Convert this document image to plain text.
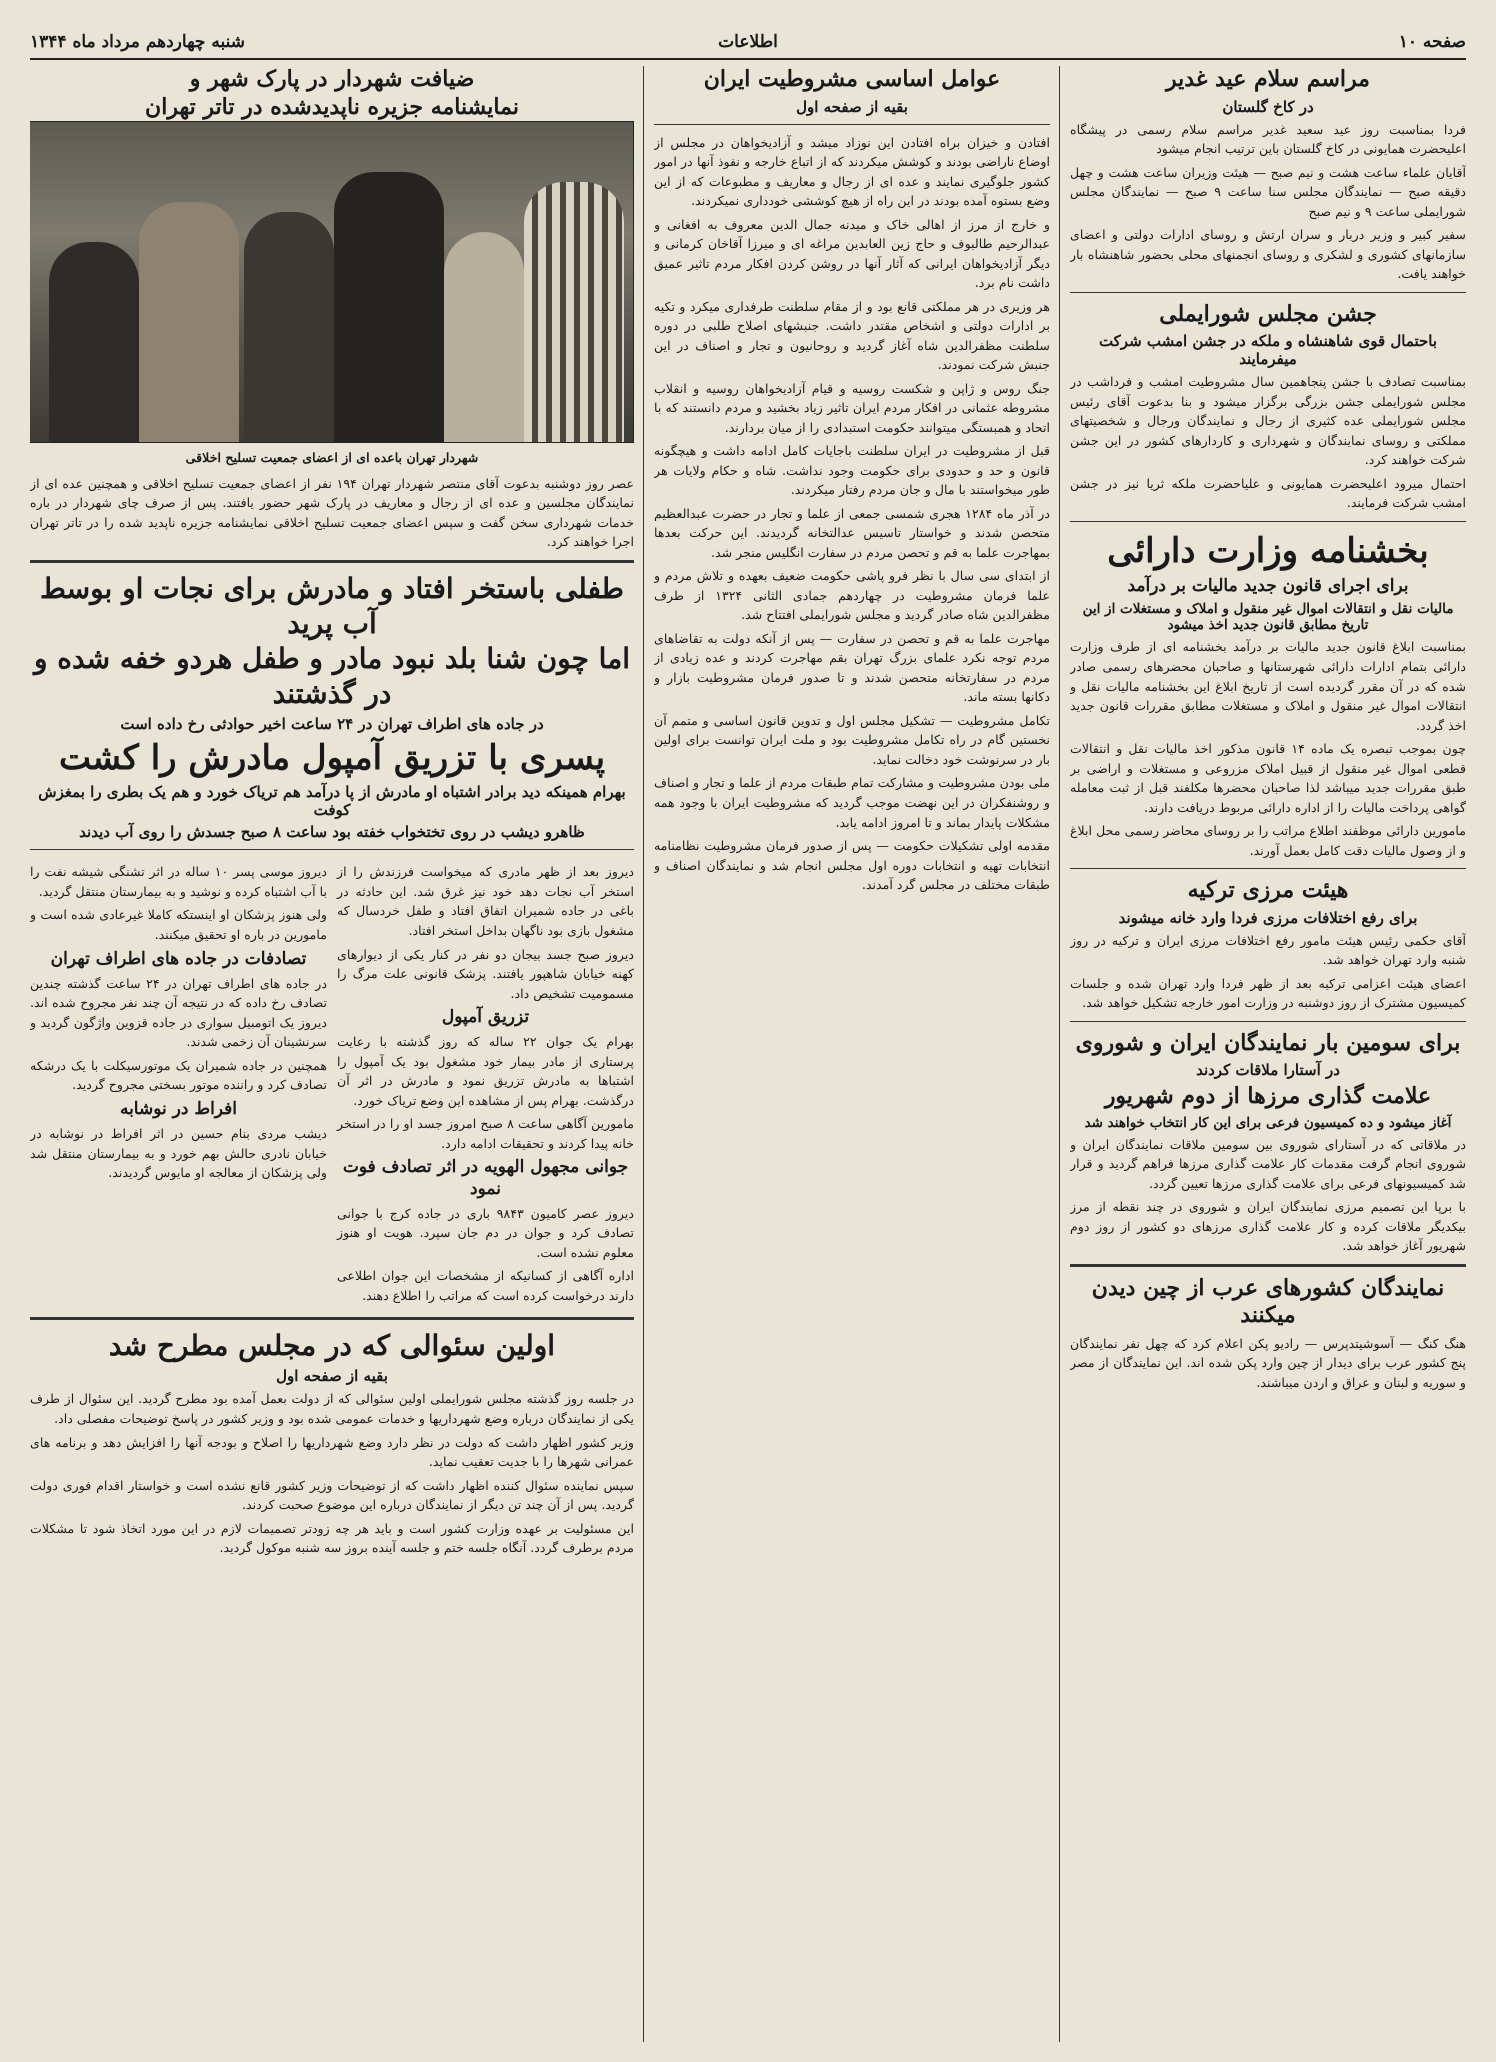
صفحه ۱۰
اطلاعات
شنبه چهاردهم مرداد ماه ۱۳۴۴
مراسم سلام عید غدیر
در کاخ گلستان

فردا بمناسبت روز عید سعید غدیر مراسم سلام رسمی در پیشگاه اعلیحضرت همایونی در کاخ گلستان باین ترتیب انجام میشود

آقایان علماء ساعت هشت و نیم صبح — هیئت وزیران ساعت هشت و چهل دقیقه صبح — نمایندگان مجلس سنا ساعت ۹ صبح — نمایندگان مجلس شورایملی ساعت ۹ و نیم صبح

سفیر کبیر و وزیر دربار و سران ارتش و روسای ادارات دولتی و اعضای سازمانهای کشوری و لشکری و روسای انجمنهای محلی بحضور شاهنشاه بار خواهند یافت.

جشن مجلس شورایملی
باحتمال قوی شاهنشاه و ملکه در جشن امشب شرکت میفرمایند

بمناسبت تصادف با جشن پنجاهمین سال مشروطیت امشب و فرداشب در مجلس شورایملی جشن بزرگی برگزار میشود و بنا بدعوت آقای رئیس مجلس شورایملی عده کثیری از رجال و نمایندگان ورجال و شخصیتهای مملکتی و روسای نمایندگان و شهرداری و کاردارهای کشور در این جشن شرکت خواهند کرد.

احتمال میرود اعلیحضرت همایونی و علیاحضرت ملکه ثریا نیز در جشن امشب شرکت فرمایند.

بخشنامه وزارت دارائی
برای اجرای قانون جدید مالیات بر درآمد
مالیات نقل و انتقالات اموال غیر منقول و املاک و مستغلات از این تاریخ مطابق قانون جدید اخذ میشود

بمناسبت ابلاغ قانون جدید مالیات بر درآمد بخشنامه ای از طرف وزارت دارائی بتمام ادارات دارائی شهرستانها و صاحبان محضرهای رسمی صادر شده که در آن مقرر گردیده است از تاریخ ابلاغ این بخشنامه مالیات نقل و انتقالات اموال غیر منقول و املاک و مستغلات مطابق مقررات قانون جدید اخذ گردد.

چون بموجب تبصره یک ماده ۱۴ قانون مذکور اخذ مالیات نقل و انتقالات قطعی اموال غیر منقول از قبیل املاک مزروعی و مستغلات و اراضی بر طبق مقررات جدید میباشد لذا صاحبان محضرها مکلفند قبل از ثبت معامله گواهی پرداخت مالیات را از اداره دارائی مربوط دریافت دارند.

مامورین دارائی موظفند اطلاع مراتب را بر روسای محاضر رسمی محل ابلاغ و از وصول مالیات دقت کامل بعمل آورند.

هیئت مرزی ترکیه
برای رفع اختلافات مرزی فردا وارد خانه میشوند

آقای حکمی رئیس هیئت مامور رفع اختلافات مرزی ایران و ترکیه در روز شنبه وارد تهران خواهد شد.

اعضای هیئت اعزامی ترکیه بعد از ظهر فردا وارد تهران شده و جلسات کمیسیون مشترک از روز دوشنبه در وزارت امور خارجه تشکیل خواهد شد.

برای سومین بار نمایندگان ایران و شوروی
در آستارا ملاقات کردند
علامت گذاری مرزها از دوم شهریور
آغاز میشود و ده کمیسیون فرعی برای این کار انتخاب خواهند شد

در ملاقاتی که در آستارای شوروی بین سومین ملاقات نمایندگان ایران و شوروی انجام گرفت مقدمات کار علامت گذاری مرزها فراهم گردید و قرار شد کمیسیونهای فرعی برای علامت گذاری مرزها تعیین گردد.

با برپا این تصمیم مرزی نمایندگان ایران و شوروی در چند نقطه از مرز بیکدیگر ملاقات کرده و کار علامت گذاری مرزهای دو کشور از روز دوم شهریور آغاز خواهد شد.

نمایندگان کشورهای عرب از چین دیدن میکنند

هنگ کنگ — آسوشیتدپرس — رادیو پکن اعلام کرد که چهل نفر نمایندگان پنج کشور عرب برای دیدار از چین وارد پکن شده اند. این نمایندگان از مصر و سوریه و لبنان و عراق و اردن میباشند.

عوامل اساسی مشروطیت ایران
بقیه از صفحه اول

افتادن و خیزان براه افتادن این نوزاد میشد و آزادیخواهان در مجلس از اوضاع ناراضی بودند و کوشش میکردند که از اتباع خارجه و نفوذ آنها در امور کشور جلوگیری نمایند و عده ای از رجال و معاریف و مطبوعات که از این وضع بستوه آمده بودند در این راه از هیچ کوششی خودداری نمیکردند.

و خارج از مرز از اهالی خاک و میدنه جمال الدین معروف به افغانی و عبدالرحیم طالبوف و حاج زین العابدین مراغه ای و میرزا آقاخان کرمانی و دیگر آزادیخواهان ایرانی که آثار آنها در روشن کردن افکار مردم تاثیر عمیق داشت نام برد.

هر وزیری در هر مملکتی قانع بود و از مقام سلطنت طرفداری میکرد و تکیه بر ادارات دولتی و اشخاص مقتدر داشت. جنبشهای اصلاح طلبی در دوره سلطنت مظفرالدین شاه آغاز گردید و روحانیون و تجار و اصناف در این جنبش شرکت نمودند.

جنگ روس و ژاپن و شکست روسیه و قیام آزادیخواهان روسیه و انقلاب مشروطه عثمانی در افکار مردم ایران تاثیر زیاد بخشید و مردم دانستند که با اتحاد و همبستگی میتوانند حکومت استبدادی را از میان بردارند.

قبل از مشروطیت در ایران سلطنت باجایات کامل ادامه داشت و هیچگونه قانون و حد و حدودی برای حکومت وجود نداشت. شاه و حکام ولایات هر طور میخواستند با مال و جان مردم رفتار میکردند.

در آذر ماه ۱۲۸۴ هجری شمسی جمعی از علما و تجار در حضرت عبدالعظیم متحصن شدند و خواستار تاسیس عدالتخانه گردیدند. این حرکت بعدها بمهاجرت علما به قم و تحصن مردم در سفارت انگلیس منجر شد.

از ابتدای سی سال با نظر فرو پاشی حکومت ضعیف بعهده و تلاش مردم و علما فرمان مشروطیت در چهاردهم جمادی الثانی ۱۳۲۴ از طرف مظفرالدین شاه صادر گردید و مجلس شورایملی افتتاح شد.

مهاجرت علما به قم و تحصن در سفارت — پس از آنکه دولت به تقاضاهای مردم توجه نکرد علمای بزرگ تهران بقم مهاجرت کردند و عده زیادی از مردم در سفارتخانه متحصن شدند و تا صدور فرمان مشروطیت بازار و دکانها بسته ماند.

تکامل مشروطیت — تشکیل مجلس اول و تدوین قانون اساسی و متمم آن نخستین گام در راه تکامل مشروطیت بود و ملت ایران توانست برای اولین بار در سرنوشت خود دخالت نماید.

ملی بودن مشروطیت و مشارکت تمام طبقات مردم از علما و تجار و اصناف و روشنفکران در این نهضت موجب گردید که مشروطیت ایران با وجود همه مشکلات پایدار بماند و تا امروز ادامه یابد.

مقدمه اولی تشکیلات حکومت — پس از صدور فرمان مشروطیت نظامنامه انتخابات تهیه و انتخابات دوره اول مجلس انجام شد و نمایندگان اصناف و طبقات مختلف در مجلس گرد آمدند.

ضیافت شهردار در پارک شهر و
نمایشنامه جزیره ناپدیدشده در تاتر تهران
شهردار تهران باعده ای از اعضای جمعیت تسلیح اخلاقی

عصر روز دوشنبه بدعوت آقای منتصر شهردار تهران ۱۹۴ نفر از اعضای جمعیت تسلیح اخلاقی و همچنین عده ای از نمایندگان مجلسین و عده ای از رجال و معاریف در پارک شهر حضور یافتند. پس از صرف چای شهردار در باره خدمات شهرداری سخن گفت و سپس اعضای جمعیت تسلیح اخلاقی نمایشنامه جزیره ناپدید شده را در تاتر تهران اجرا خواهند کرد.

طفلی باستخر افتاد و مادرش برای نجات او بوسط آب پرید
اما چون شنا بلد نبود مادر و طفل هردو خفه شده و در گذشتند
در جاده های اطراف تهران در ۲۴ ساعت اخیر حوادثی رخ داده است
پسری با تزریق آمپول مادرش را کشت
بهرام همینکه دید برادر اشتباه او مادرش از پا درآمد هم تریاک خورد و هم یک بطری را بمغزش کوفت
ظاهرو دیشب در روی تختخواب خفته بود ساعت ۸ صبح جسدش را روی آب دیدند

دیروز بعد از ظهر مادری که میخواست فرزندش را از استخر آب نجات دهد خود نیز غرق شد. این حادثه در باغی در جاده شمیران اتفاق افتاد و طفل خردسال که مشغول بازی بود ناگهان بداخل استخر افتاد.

دیروز صبح جسد بیجان دو نفر در کنار یکی از دیوارهای کهنه خیابان شاهپور یافتند. پزشک قانونی علت مرگ را مسمومیت تشخیص داد.

تزریق آمپول

بهرام یک جوان ۲۲ ساله که روز گذشته با رعایت پرستاری از مادر بیمار خود مشغول بود یک آمپول را اشتباها به مادرش تزریق نمود و مادرش در اثر آن درگذشت. بهرام پس از مشاهده این وضع تریاک خورد.

مامورین آگاهی ساعت ۸ صبح امروز جسد او را در استخر خانه پیدا کردند و تحقیقات ادامه دارد.

جوانی مجهول الهویه در اثر تصادف فوت نمود

دیروز عصر کامیون ۹۸۴۳ باری در جاده کرج با جوانی تصادف کرد و جوان در دم جان سپرد. هویت او هنوز معلوم نشده است.

اداره آگاهی از کسانیکه از مشخصات این جوان اطلاعی دارند درخواست کرده است که مراتب را اطلاع دهند.

دیروز موسی پسر ۱۰ ساله در اثر تشنگی شیشه نفت را با آب اشتباه کرده و نوشید و به بیمارستان منتقل گردید.

ولی هنوز پزشکان او اینستکه کاملا غیرعادی شده است و مامورین در باره او تحقیق میکنند.

تصادفات در جاده های اطراف تهران

در جاده های اطراف تهران در ۲۴ ساعت گذشته چندین تصادف رخ داده که در نتیجه آن چند نفر مجروح شده اند. دیروز یک اتومبیل سواری در جاده قزوین واژگون گردید و سرنشینان آن زخمی شدند.

همچنین در جاده شمیران یک موتورسیکلت با یک درشکه تصادف کرد و راننده موتور بسختی مجروح گردید.

افراط در نوشابه

دیشب مردی بنام حسین در اثر افراط در نوشابه در خیابان نادری حالش بهم خورد و به بیمارستان منتقل شد ولی پزشکان از معالجه او مایوس گردیدند.

اولین سئوالی که در مجلس مطرح شد
بقیه از صفحه اول

در جلسه روز گذشته مجلس شورایملی اولین سئوالی که از دولت بعمل آمده بود مطرح گردید. این سئوال از طرف یکی از نمایندگان درباره وضع شهرداریها و خدمات عمومی شده بود و وزیر کشور در پاسخ توضیحات مفصلی داد.

وزیر کشور اظهار داشت که دولت در نظر دارد وضع شهرداریها را اصلاح و بودجه آنها را افزایش دهد و برنامه های عمرانی شهرها را با جدیت تعقیب نماید.

سپس نماینده سئوال کننده اظهار داشت که از توضیحات وزیر کشور قانع نشده است و خواستار اقدام فوری دولت گردید. پس از آن چند تن دیگر از نمایندگان درباره این موضوع صحبت کردند.

این مسئولیت بر عهده وزارت کشور است و باید هر چه زودتر تصمیمات لازم در این مورد اتخاذ شود تا مشکلات مردم برطرف گردد. آنگاه جلسه ختم و جلسه آینده بروز سه شنبه موکول گردید.
